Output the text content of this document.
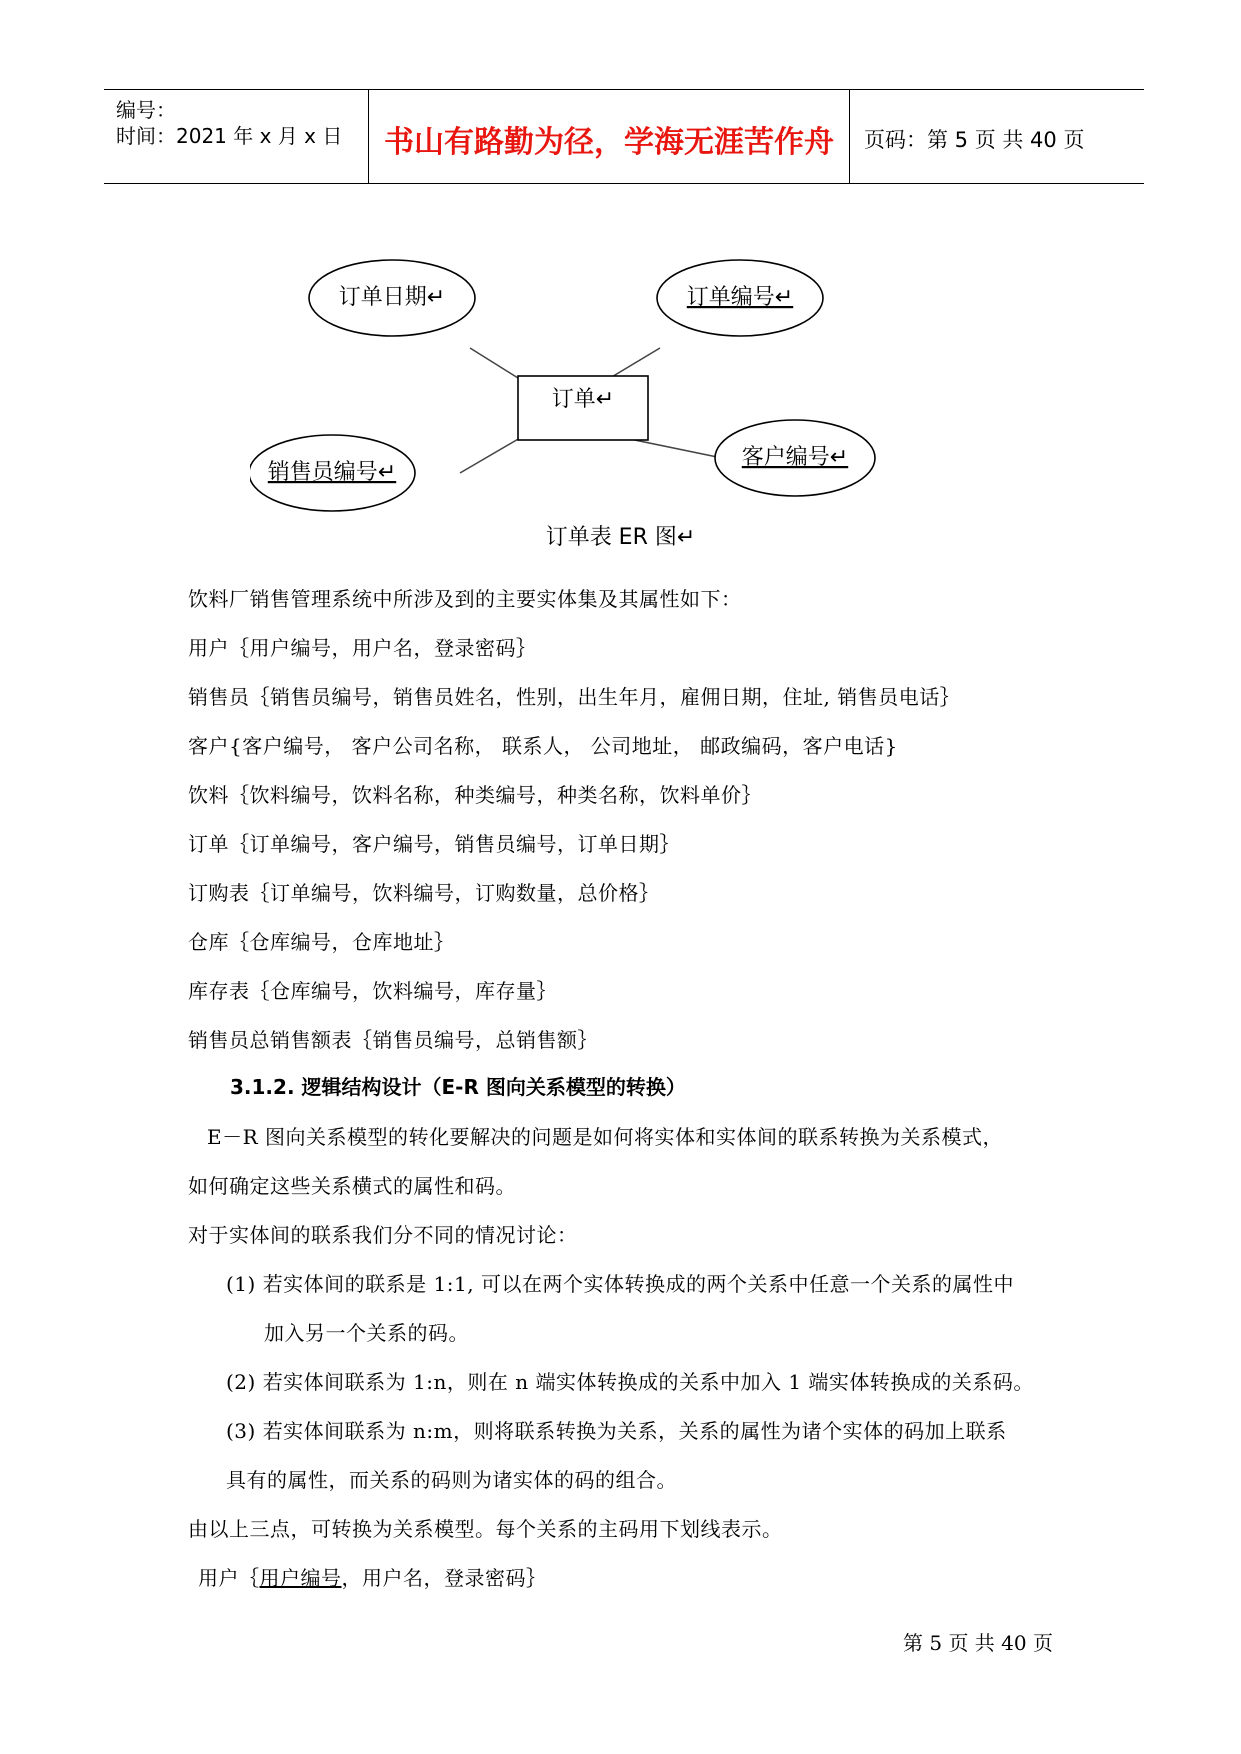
编号：
时间：2021 年 x 月 x 日	书山有路勤为径，学海无涯苦作舟	页码：第 5 页 共 40 页
订单↵
订单日期↵	订单编号↵
销售员编号↵
客户编号↵
订单表 ER 图↵
饮料厂销售管理系统中所涉及到的主要实体集及其属性如下：
用户｛用户编号，用户名，登录密码｝
销售员｛销售员编号，销售员姓名，性别，出生年月，雇佣日期，住址, 销售员电话｝
客户{客户编号， 客户公司名称， 联系人， 公司地址， 邮政编码，客户电话}
饮料｛饮料编号，饮料名称，种类编号，种类名称，饮料单价｝
订单｛订单编号，客户编号，销售员编号，订单日期｝
订购表｛订单编号，饮料编号，订购数量，总价格｝
仓库｛仓库编号，仓库地址｝
库存表｛仓库编号，饮料编号，库存量｝
销售员总销售额表｛销售员编号，总销售额｝
3.1.2. 逻辑结构设计（E-R 图向关系模型的转换）
E－R 图向关系模型的转化要解决的问题是如何将实体和实体间的联系转换为关系模式，
如何确定这些关系横式的属性和码。
对于实体间的联系我们分不同的情况讨论：
(1) 若实体间的联系是 1:1, 可以在两个实体转换成的两个关系中任意一个关系的属性中
加入另一个关系的码。
(2) 若实体间联系为 1:n，则在 n 端实体转换成的关系中加入 1 端实体转换成的关系码。
(3) 若实体间联系为 n:m，则将联系转换为关系，关系的属性为诸个实体的码加上联系
具有的属性，而关系的码则为诸实体的码的组合。
由以上三点，可转换为关系模型。每个关系的主码用下划线表示。
用户｛用户编号，用户名，登录密码｝
第 5 页 共 40 页
